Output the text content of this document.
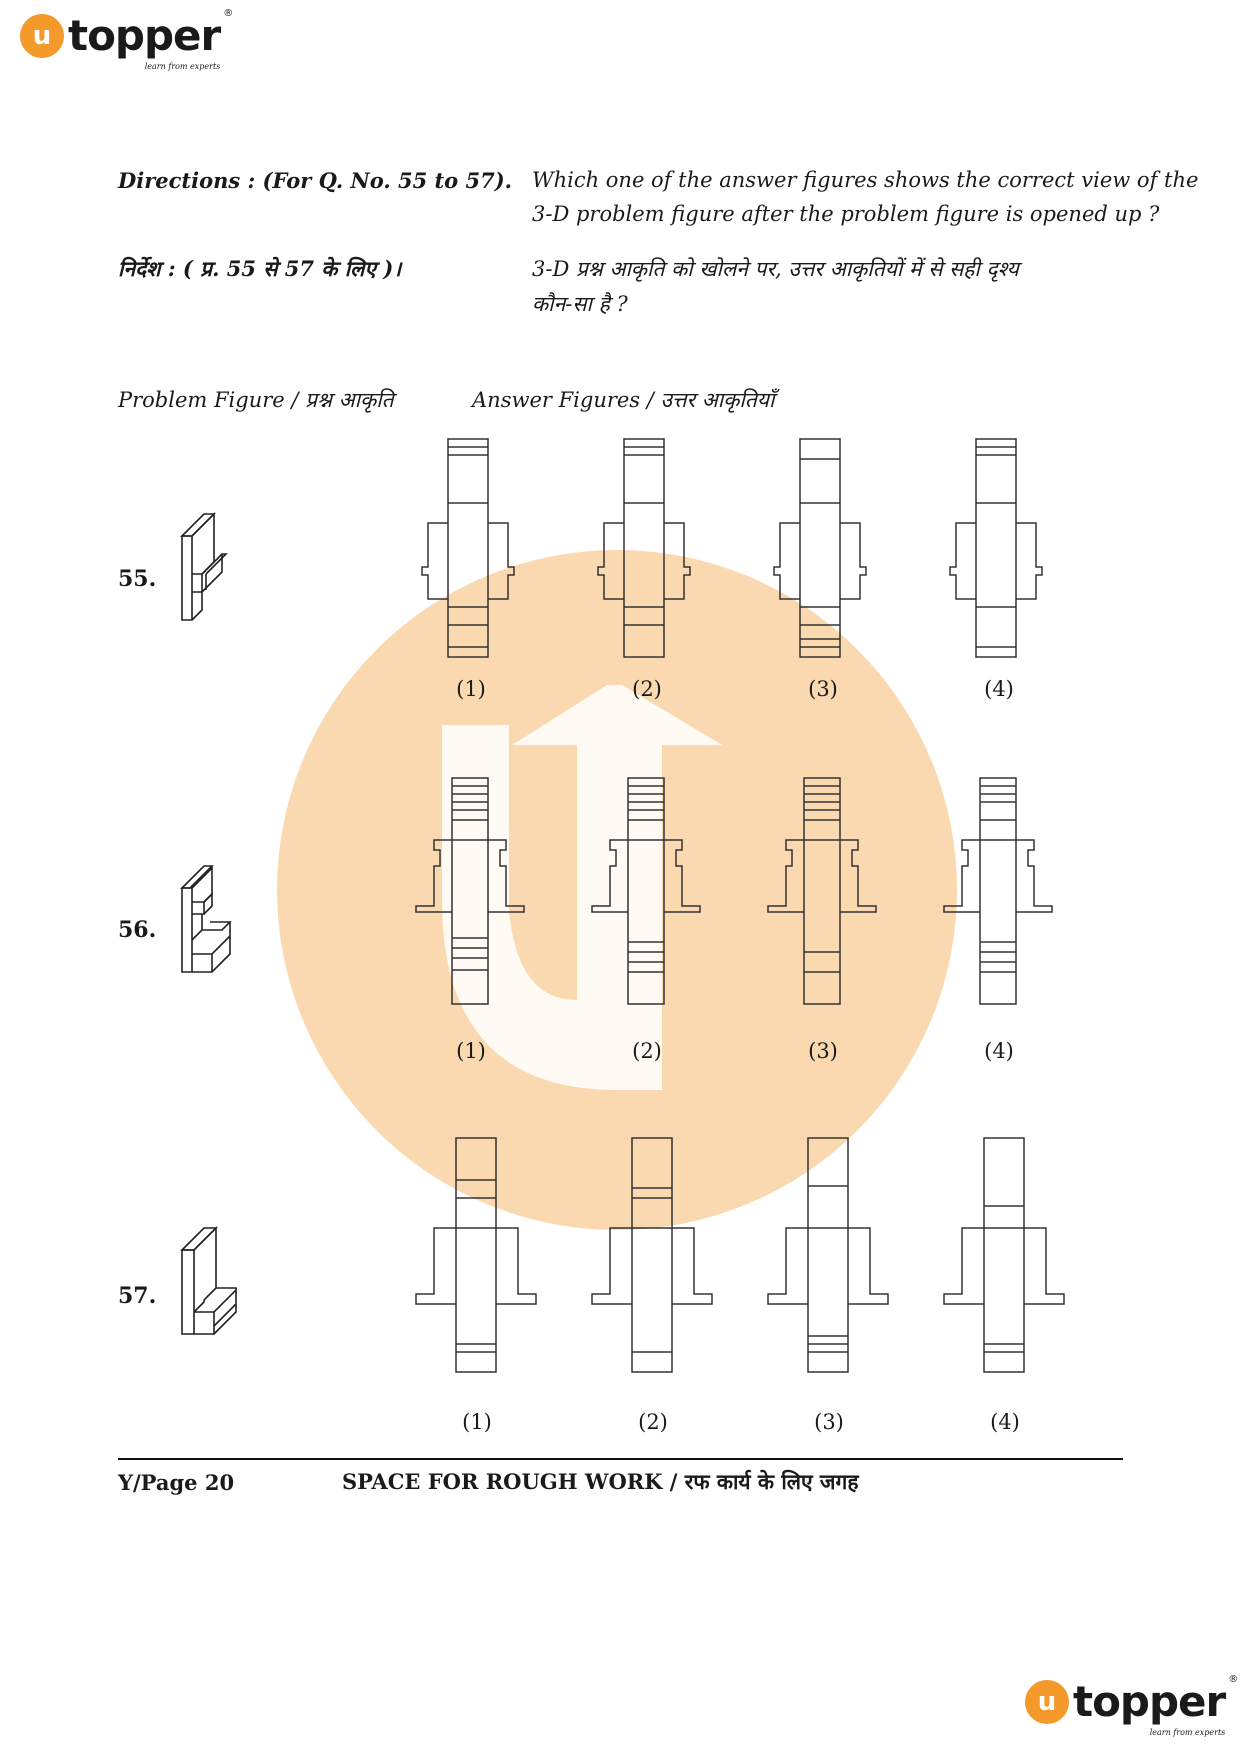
u topper ®
learn from experts
Directions : (For Q. No. 55 to 57). Which one of the answer figures shows the correct view of the
3-D problem figure after the problem figure is opened up ?
निर्देश : ( प्र. 55 से 57 के लिए )।	3-D प्रश्न आकृति को खोलने पर, उत्तर आकृतियों में से सही दृश्य
कौन-सा है ?
Problem Figure / प्रश्न आकृति	Answer Figures / उत्तर आकृतियाँ
55.
(1)	(2)	(3)	(4)
56.
(1)	(2)	(3)	(4)
57.
(1)	(2)	(3)	(4)
Y/Page 20	SPACE FOR ROUGH WORK / रफ कार्य के लिए जगह
u topper ®
learn from experts
